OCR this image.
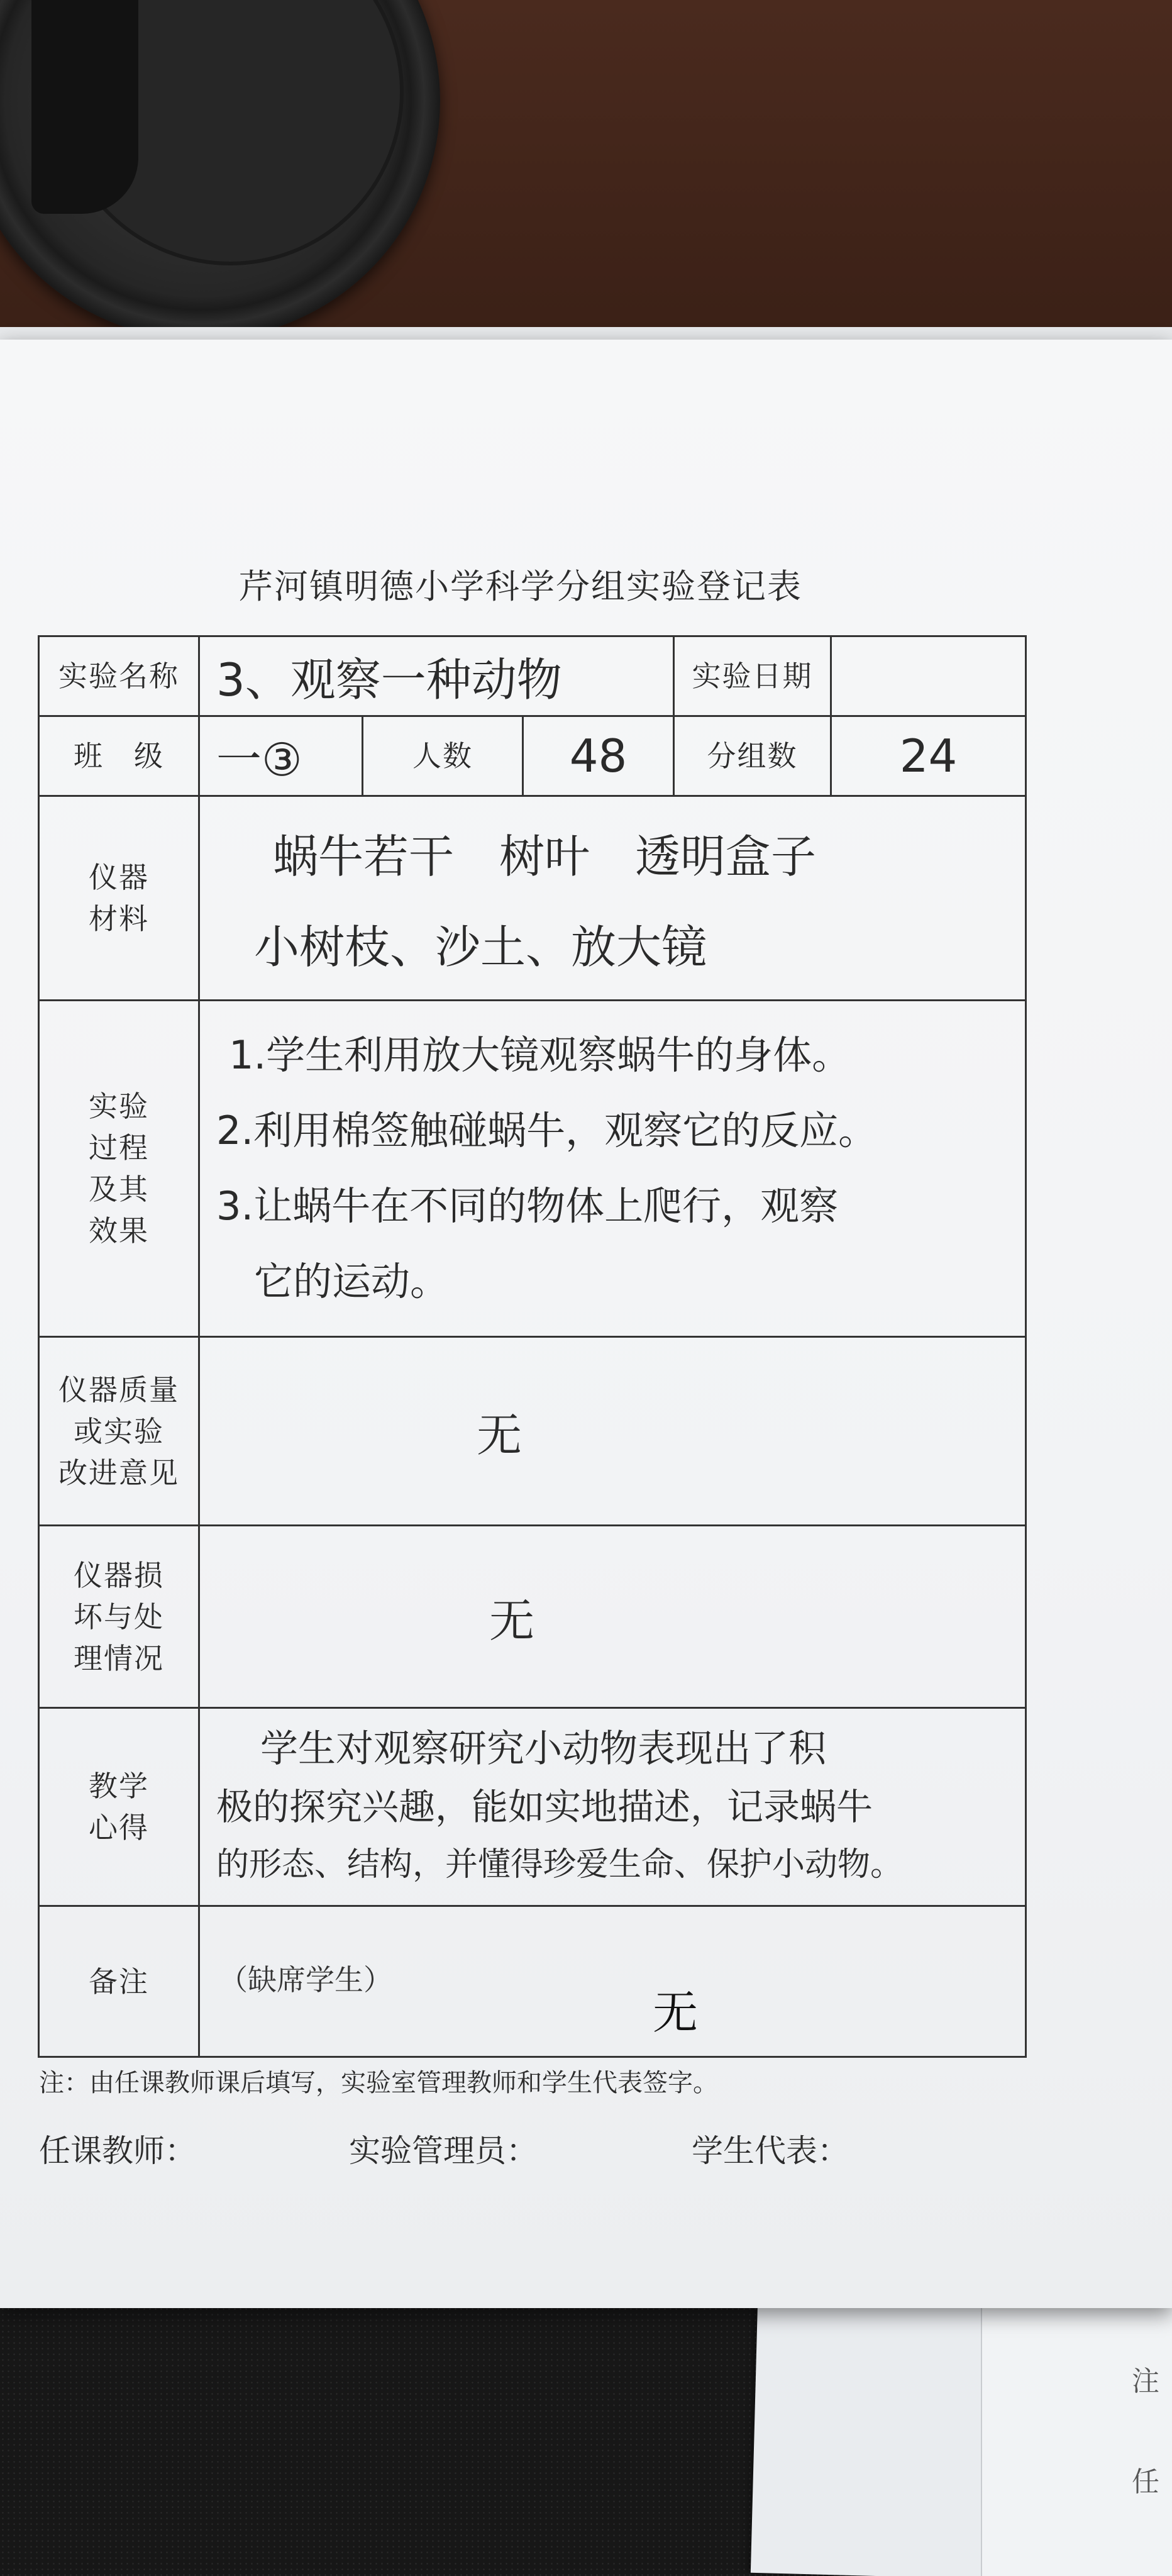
注
任
芹河镇明德小学科学分组实验登记表
实验名称	3、观察一种动物			实验日期	
班　级	一③	人数	48	分组数	24

仪器
材料	蜗牛若干　树叶　透明盒子
小树枝、沙土、放大镜				

实验
过程
及其
效果	1.学生利用放大镜观察蜗牛的身体。
2.利用棉签触碰蜗牛，观察它的反应。
3.让蜗牛在不同的物体上爬行，观察
它的运动。				

仪器质量
或实验
改进意见	无				

仪器损
坏与处
理情况	无				

教学
心得	学生对观察研究小动物表现出了积
极的探究兴趣，能如实地描述，记录蜗牛
的形态、结构，并懂得珍爱生命、保护小动物。				

备注	（缺席学生）
无				
注：由任课教师课后填写，实验室管理教师和学生代表签字。
任课教师：	实验管理员：	学生代表：
